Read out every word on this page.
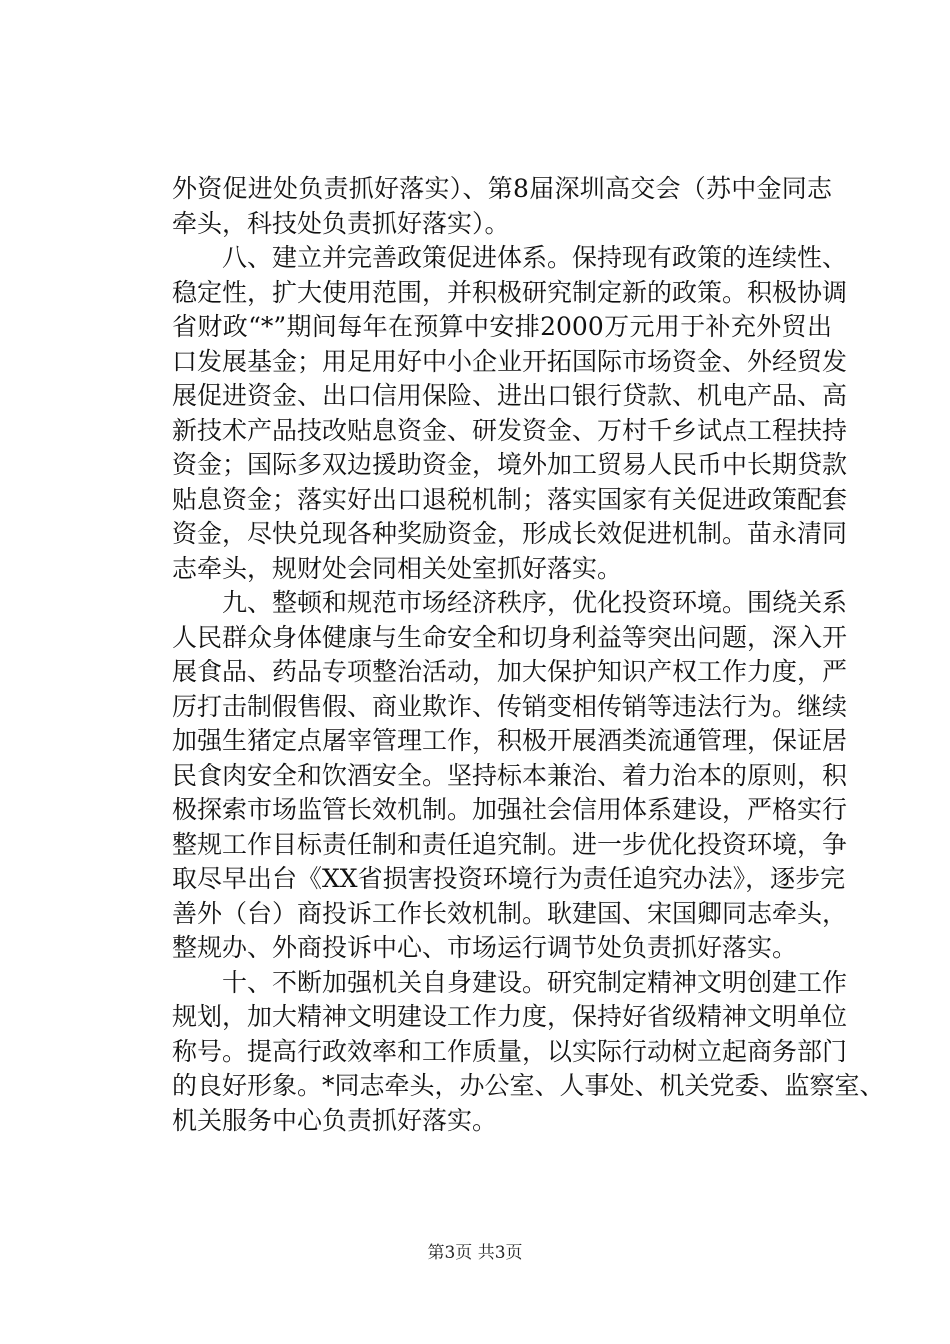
外资促进处负责抓好落实）、第8届深圳高交会（苏中金同志
牵头，科技处负责抓好落实）。
八、建立并完善政策促进体系。保持现有政策的连续性、
稳定性，扩大使用范围，并积极研究制定新的政策。积极协调
省财政“*”期间每年在预算中安排2000万元用于补充外贸出
口发展基金；用足用好中小企业开拓国际市场资金、外经贸发
展促进资金、出口信用保险、进出口银行贷款、机电产品、高
新技术产品技改贴息资金、研发资金、万村千乡试点工程扶持
资金；国际多双边援助资金，境外加工贸易人民币中长期贷款
贴息资金；落实好出口退税机制；落实国家有关促进政策配套
资金，尽快兑现各种奖励资金，形成长效促进机制。苗永清同
志牵头，规财处会同相关处室抓好落实。
九、整顿和规范市场经济秩序，优化投资环境。围绕关系
人民群众身体健康与生命安全和切身利益等突出问题，深入开
展食品、药品专项整治活动，加大保护知识产权工作力度，严
厉打击制假售假、商业欺诈、传销变相传销等违法行为。继续
加强生猪定点屠宰管理工作，积极开展酒类流通管理，保证居
民食肉安全和饮酒安全。坚持标本兼治、着力治本的原则，积
极探索市场监管长效机制。加强社会信用体系建设，严格实行
整规工作目标责任制和责任追究制。进一步优化投资环境，争
取尽早出台《XX省损害投资环境行为责任追究办法》，逐步完
善外（台）商投诉工作长效机制。耿建国、宋国卿同志牵头，
整规办、外商投诉中心、市场运行调节处负责抓好落实。
十、不断加强机关自身建设。研究制定精神文明创建工作
规划，加大精神文明建设工作力度，保持好省级精神文明单位
称号。提高行政效率和工作质量，以实际行动树立起商务部门
的良好形象。*同志牵头，办公室、人事处、机关党委、监察室、
机关服务中心负责抓好落实。
第3页 共3页
